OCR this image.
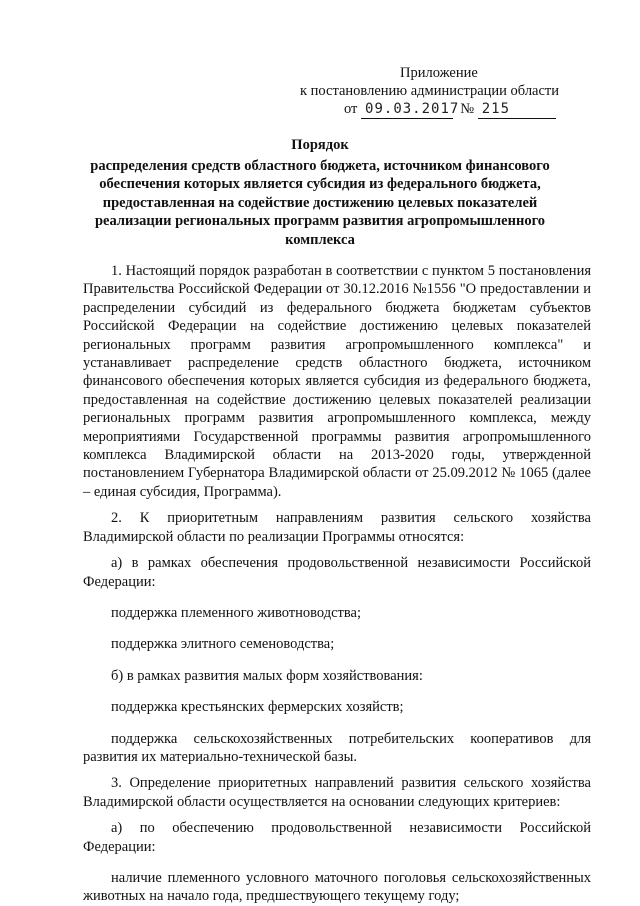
Приложение
к постановлению администрации области
от 09.03.2017  № 215
Порядок
распределения средств областного бюджета, источником финансового обеспечения которых является субсидия из федерального бюджета, предоставленная на содействие достижению целевых показателей реализации региональных программ развития агропромышленного комплекса

1. Настоящий порядок разработан в соответствии с пунктом 5 постановления Правительства Российской Федерации от 30.12.2016 №1556 "О предоставлении и распределении субсидий из федерального бюджета бюджетам субъектов Российской Федерации на содействие достижению целевых показателей региональных программ развития агропромышленного комплекса" и устанавливает распределение средств областного бюджета, источником финансового обеспечения которых является субсидия из федерального бюджета, предоставленная на содействие достижению целевых показателей реализации региональных программ развития агропромышленного комплекса, между мероприятиями Государственной программы развития агропромышленного комплекса Владимирской области на 2013-2020 годы, утвержденной постановлением Губернатора Владимирской области от 25.09.2012 № 1065 (далее – единая субсидия, Программа).

2. К приоритетным направлениям развития сельского хозяйства Владимирской области по реализации Программы относятся:

а) в рамках обеспечения продовольственной независимости Российской Федерации:

поддержка племенного животноводства;

поддержка элитного семеноводства;

б) в рамках развития малых форм хозяйствования:

поддержка крестьянских фермерских хозяйств;

поддержка сельскохозяйственных потребительских кооперативов для развития их материально-технической базы.

3. Определение приоритетных направлений развития сельского хозяйства Владимирской области осуществляется на основании следующих критериев:

а) по обеспечению продовольственной независимости Российской Федерации:

наличие племенного условного маточного поголовья сельскохозяйственных животных на начало года, предшествующего текущему году;
